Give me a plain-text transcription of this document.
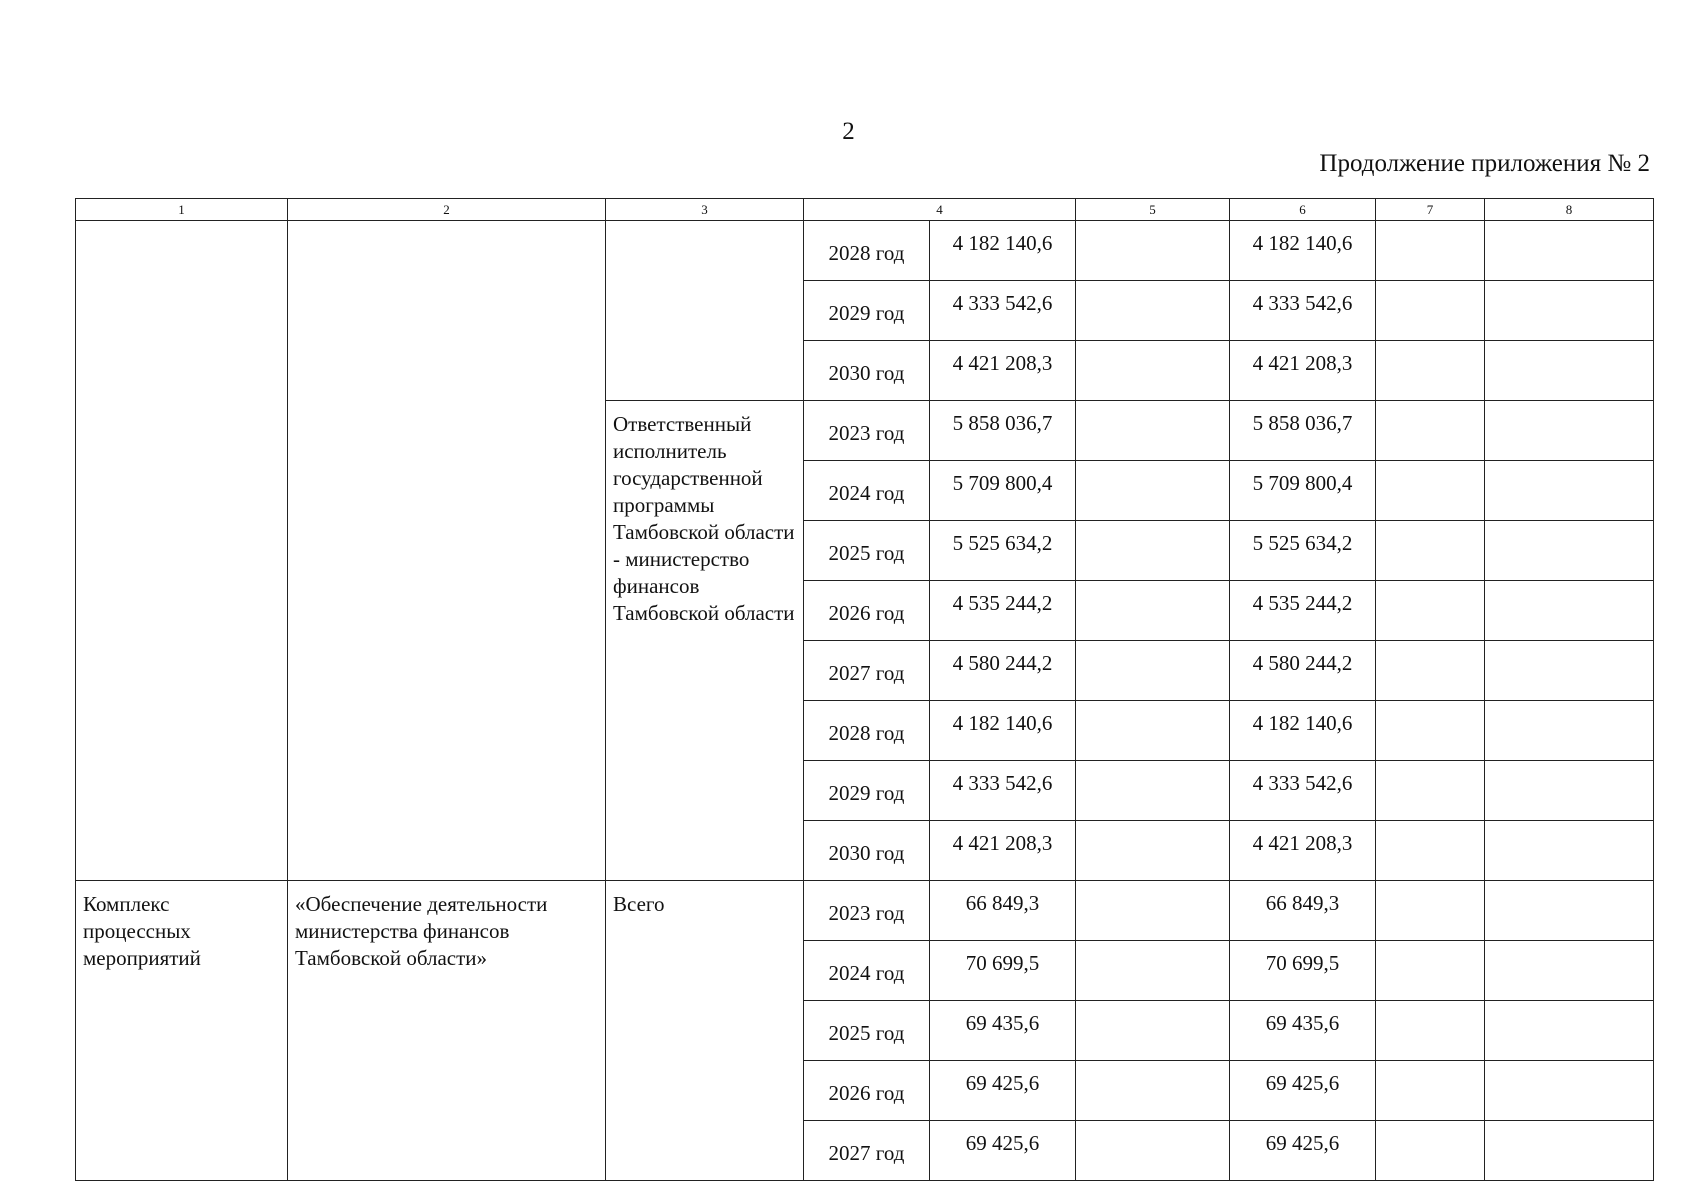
2
Продолжение приложения № 2
1	2	3	4		5	6	7	8
			2028 год	4 182 140,6		4 182 140,6		
			2029 год	4 333 542,6		4 333 542,6		
			2030 год	4 421 208,3		4 421 208,3		
		Ответственный исполнитель государственной программы Тамбовской области - министерство финансов Тамбовской области	2023 год	5 858 036,7		5 858 036,7		
			2024 год	5 709 800,4		5 709 800,4		
			2025 год	5 525 634,2		5 525 634,2		
			2026 год	4 535 244,2		4 535 244,2		
			2027 год	4 580 244,2		4 580 244,2		
			2028 год	4 182 140,6		4 182 140,6		
			2029 год	4 333 542,6		4 333 542,6		
			2030 год	4 421 208,3		4 421 208,3		
Комплекс процессных мероприятий	«Обеспечение деятельности министерства финансов Тамбовской области»	Всего	2023 год	66 849,3		66 849,3		
			2024 год	70 699,5		70 699,5		
			2025 год	69 435,6		69 435,6		
			2026 год	69 425,6		69 425,6		
			2027 год	69 425,6		69 425,6		
